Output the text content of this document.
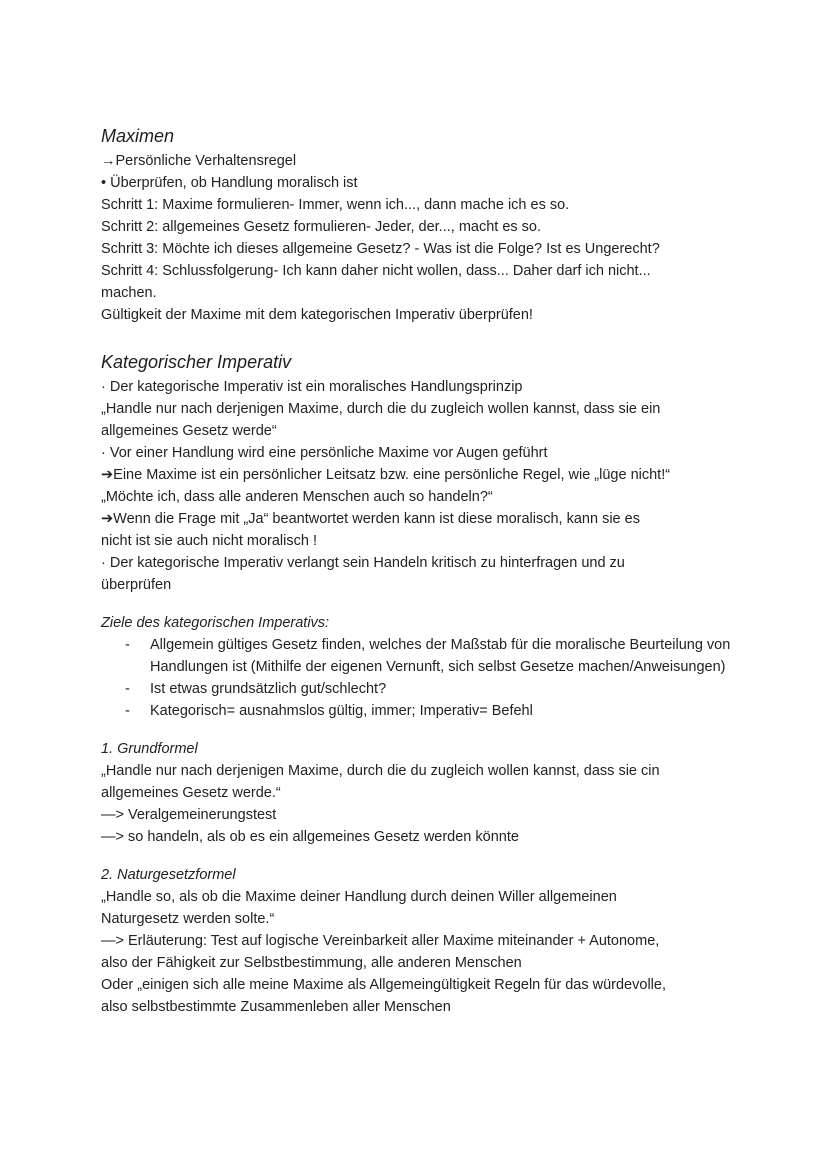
Maximen

→Persönliche Verhaltensregel

• Überprüfen, ob Handlung moralisch ist

Schritt 1: Maxime formulieren- Immer, wenn ich..., dann mache ich es so.

Schritt 2: allgemeines Gesetz formulieren- Jeder, der..., macht es so.

Schritt 3: Möchte ich dieses allgemeine Gesetz? - Was ist die Folge? Ist es Ungerecht?

Schritt 4: Schlussfolgerung- Ich kann daher nicht wollen, dass... Daher darf ich nicht...

machen.

Gültigkeit der Maxime mit dem kategorischen Imperativ überprüfen!

Kategorischer Imperativ

· Der kategorische Imperativ ist ein moralisches Handlungsprinzip

„Handle nur nach derjenigen Maxime, durch die du zugleich wollen kannst, dass sie ein

allgemeines Gesetz werde“

· Vor einer Handlung wird eine persönliche Maxime vor Augen geführt

➔Eine Maxime ist ein persönlicher Leitsatz bzw. eine persönliche Regel, wie „lüge nicht!“

„Möchte ich, dass alle anderen Menschen auch so handeln?“

➔Wenn die Frage mit „Ja“ beantwortet werden kann ist diese moralisch, kann sie es

nicht ist sie auch nicht moralisch !

· Der kategorische Imperativ verlangt sein Handeln kritisch zu hinterfragen und zu

überprüfen

Ziele des kategorischen Imperativs:
- Allgemein gültiges Gesetz finden, welches der Maßstab für die moralische Beurteilung von Handlungen ist (Mithilfe der eigenen Vernunft, sich selbst Gesetze machen/Anweisungen)
- Ist etwas grundsätzlich gut/schlecht?
- Kategorisch= ausnahmslos gültig, immer; Imperativ= Befehl
1. Grundformel

„Handle nur nach derjenigen Maxime, durch die du zugleich wollen kannst, dass sie cin

allgemeines Gesetz werde.“

—> Veralgemeinerungstest

—> so handeln, als ob es ein allgemeines Gesetz werden könnte

2. Naturgesetzformel

„Handle so, als ob die Maxime deiner Handlung durch deinen Willer allgemeinen

Naturgesetz werden solte.“

—> Erläuterung: Test auf logische Vereinbarkeit aller Maxime miteinander + Autonome,

also der Fähigkeit zur Selbstbestimmung, alle anderen Menschen

Oder „einigen sich alle meine Maxime als Allgemeingültigkeit Regeln für das würdevolle,

also selbstbestimmte Zusammenleben aller Menschen
